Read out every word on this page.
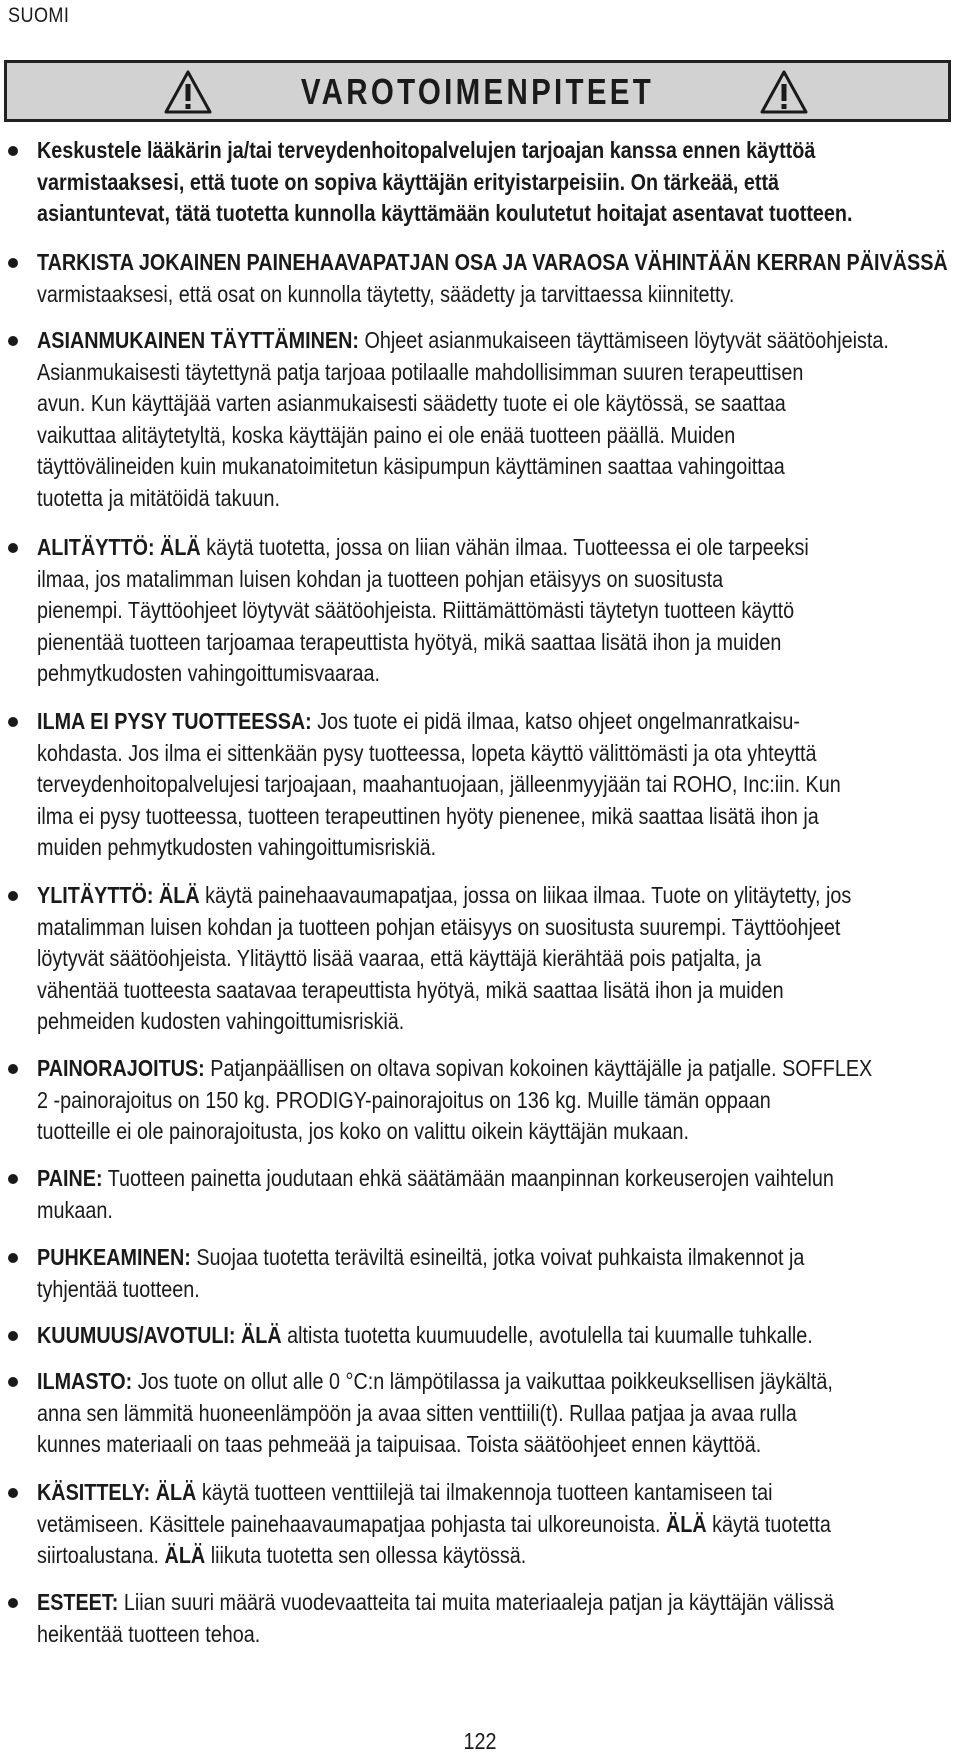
SUOMI
VAROTOIMENPITEET
Keskustele lääkärin ja/tai terveydenhoitopalvelujen tarjoajan kanssa ennen käyttöä
varmistaaksesi, että tuote on sopiva käyttäjän erityistarpeisiin. On tärkeää, että
asiantuntevat, tätä tuotetta kunnolla käyttämään koulutetut hoitajat asentavat tuotteen.
TARKISTA JOKAINEN PAINEHAAVAPATJAN OSA JA VARAOSA VÄHINTÄÄN KERRAN PÄIVÄSSÄ
varmistaaksesi, että osat on kunnolla täytetty, säädetty ja tarvittaessa kiinnitetty.
ASIANMUKAINEN TÄYTTÄMINEN: Ohjeet asianmukaiseen täyttämiseen löytyvät säätöohjeista.
Asianmukaisesti täytettynä patja tarjoaa potilaalle mahdollisimman suuren terapeuttisen
avun. Kun käyttäjää varten asianmukaisesti säädetty tuote ei ole käytössä, se saattaa
vaikuttaa alitäytetyltä, koska käyttäjän paino ei ole enää tuotteen päällä. Muiden
täyttövälineiden kuin mukanatoimitetun käsipumpun käyttäminen saattaa vahingoittaa
tuotetta ja mitätöidä takuun.
ALITÄYTTÖ: ÄLÄ käytä tuotetta, jossa on liian vähän ilmaa. Tuotteessa ei ole tarpeeksi
ilmaa, jos matalimman luisen kohdan ja tuotteen pohjan etäisyys on suositusta
pienempi. Täyttöohjeet löytyvät säätöohjeista. Riittämättömästi täytetyn tuotteen käyttö
pienentää tuotteen tarjoamaa terapeuttista hyötyä, mikä saattaa lisätä ihon ja muiden
pehmytkudosten vahingoittumisvaaraa.
ILMA EI PYSY TUOTTEESSA: Jos tuote ei pidä ilmaa, katso ohjeet ongelmanratkaisu-
kohdasta. Jos ilma ei sittenkään pysy tuotteessa, lopeta käyttö välittömästi ja ota yhteyttä
terveydenhoitopalvelujesi tarjoajaan, maahantuojaan, jälleenmyyjään tai ROHO, Inc:iin. Kun
ilma ei pysy tuotteessa, tuotteen terapeuttinen hyöty pienenee, mikä saattaa lisätä ihon ja
muiden pehmytkudosten vahingoittumisriskiä.
YLITÄYTTÖ: ÄLÄ käytä painehaavaumapatjaa, jossa on liikaa ilmaa. Tuote on ylitäytetty, jos
matalimman luisen kohdan ja tuotteen pohjan etäisyys on suositusta suurempi. Täyttöohjeet
löytyvät säätöohjeista. Ylitäyttö lisää vaaraa, että käyttäjä kierähtää pois patjalta, ja
vähentää tuotteesta saatavaa terapeuttista hyötyä, mikä saattaa lisätä ihon ja muiden
pehmeiden kudosten vahingoittumisriskiä.
PAINORAJOITUS: Patjanpäällisen on oltava sopivan kokoinen käyttäjälle ja patjalle. SOFFLEX
2 -painorajoitus on 150 kg. PRODIGY-painorajoitus on 136 kg. Muille tämän oppaan
tuotteille ei ole painorajoitusta, jos koko on valittu oikein käyttäjän mukaan.
PAINE: Tuotteen painetta joudutaan ehkä säätämään maanpinnan korkeuserojen vaihtelun
mukaan.
PUHKEAMINEN: Suojaa tuotetta teräviltä esineiltä, jotka voivat puhkaista ilmakennot ja
tyhjentää tuotteen.
KUUMUUS/AVOTULI: ÄLÄ altista tuotetta kuumuudelle, avotulella tai kuumalle tuhkalle.
ILMASTO: Jos tuote on ollut alle 0 °C:n lämpötilassa ja vaikuttaa poikkeuksellisen jäykältä,
anna sen lämmitä huoneenlämpöön ja avaa sitten venttiili(t). Rullaa patjaa ja avaa rulla
kunnes materiaali on taas pehmeää ja taipuisaa. Toista säätöohjeet ennen käyttöä.
KÄSITTELY: ÄLÄ käytä tuotteen venttiilejä tai ilmakennoja tuotteen kantamiseen tai
vetämiseen. Käsittele painehaavaumapatjaa pohjasta tai ulkoreunoista. ÄLÄ käytä tuotetta
siirtoalustana. ÄLÄ liikuta tuotetta sen ollessa käytössä.
ESTEET: Liian suuri määrä vuodevaatteita tai muita materiaaleja patjan ja käyttäjän välissä
heikentää tuotteen tehoa.
122
